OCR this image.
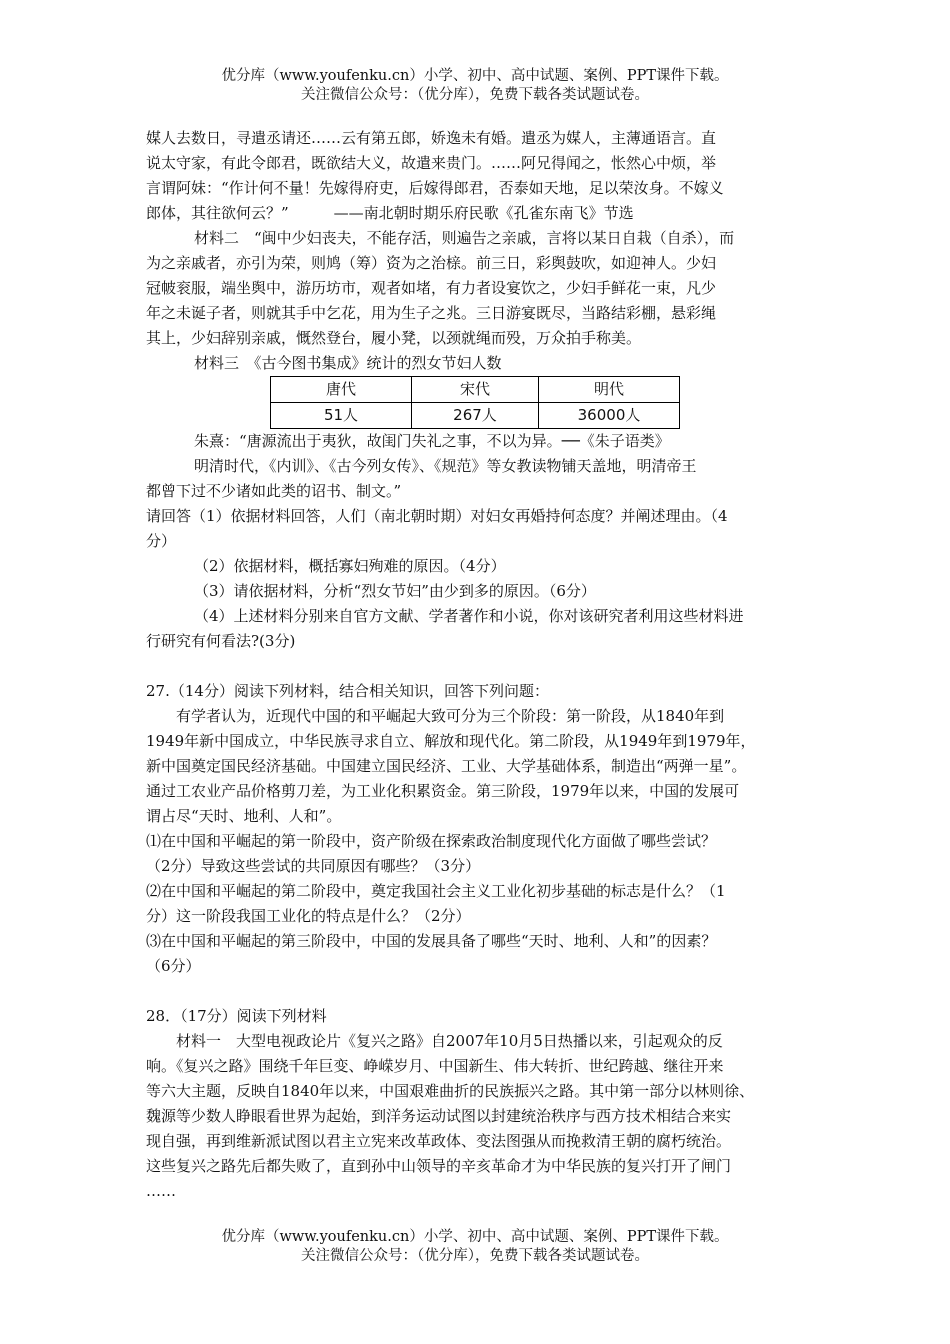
优分库（www.youfenku.cn）小学、初中、高中试题、案例、PPT课件下载。

关注微信公众号：（优分库），免费下载各类试题试卷。

媒人去数日，寻遣丞请还……云有第五郎，娇逸未有婚。遣丞为媒人，主薄通语言。直

说太守家，有此令郎君，既欲结大义，故遣来贵门。……阿兄得闻之，怅然心中烦，举

言谓阿妹：“作计何不量！先嫁得府吏，后嫁得郎君，否泰如天地，足以荣汝身。不嫁义

郎体，其往欲何云？”　　　——南北朝时期乐府民歌《孔雀东南飞》节选

材料二　“闽中少妇丧夫，不能存活，则遍告之亲戚，言将以某日自栽（自杀），而

为之亲戚者，亦引为荣，则鸠（筹）资为之治榇。前三日，彩舆鼓吹，如迎神人。少妇

冠帔衮服，端坐舆中，游历坊市，观者如堵，有力者设宴饮之，少妇手鲜花一束，凡少

年之未诞子者，则就其手中乞花，用为生子之兆。三日游宴既尽，当路结彩棚，悬彩绳

其上，少妇辞别亲戚，慨然登台，履小凳，以颈就绳而殁，万众拍手称美。

材料三　《古今图书集成》统计的烈女节妇人数

唐代	宋代	明代
51人	267人	36000人

朱熹：“唐源流出于夷狄，故闺门失礼之事，不以为异。──《朱子语类》

明清时代，《内训》、《古今列女传》、《规范》等女教读物铺天盖地，明清帝王

都曾下过不少诸如此类的诏书、制文。”

请回答（1）依据材料回答，人们（南北朝时期）对妇女再婚持何态度？并阐述理由。（4

分）

（2）依据材料，概括寡妇殉难的原因。（4分）

（3）请依据材料，分析“烈女节妇”由少到多的原因。（6分）

（4）上述材料分别来自官方文献、学者著作和小说，你对该研究者利用这些材料进

行研究有何看法?(3分)

27.（14分）阅读下列材料，结合相关知识，回答下列问题：

有学者认为，近现代中国的和平崛起大致可分为三个阶段：第一阶段，从1840年到

1949年新中国成立，中华民族寻求自立、解放和现代化。第二阶段，从1949年到1979年，

新中国奠定国民经济基础。中国建立国民经济、工业、大学基础体系，制造出“两弹一星”。

通过工农业产品价格剪刀差，为工业化积累资金。第三阶段，1979年以来，中国的发展可

谓占尽“天时、地利、人和”。

⑴在中国和平崛起的第一阶段中，资产阶级在探索政治制度现代化方面做了哪些尝试？

（2分）导致这些尝试的共同原因有哪些？（3分）

⑵在中国和平崛起的第二阶段中，奠定我国社会主义工业化初步基础的标志是什么？（1

分）这一阶段我国工业化的特点是什么？（2分）

⑶在中国和平崛起的第三阶段中，中国的发展具备了哪些“天时、地利、人和”的因素？

（6分）

28．（17分）阅读下列材料

材料一　大型电视政论片《复兴之路》自2007年10月5日热播以来，引起观众的反

响。《复兴之路》围绕千年巨变、峥嵘岁月、中国新生、伟大转折、世纪跨越、继往开来

等六大主题，反映自1840年以来，中国艰难曲折的民族振兴之路。其中第一部分以林则徐、

魏源等少数人睁眼看世界为起始，到洋务运动试图以封建统治秩序与西方技术相结合来实

现自强，再到维新派试图以君主立宪来改革政体、变法图强从而挽救清王朝的腐朽统治。

这些复兴之路先后都失败了，直到孙中山领导的辛亥革命才为中华民族的复兴打开了闸门

……

优分库（www.youfenku.cn）小学、初中、高中试题、案例、PPT课件下载。

关注微信公众号：（优分库），免费下载各类试题试卷。
